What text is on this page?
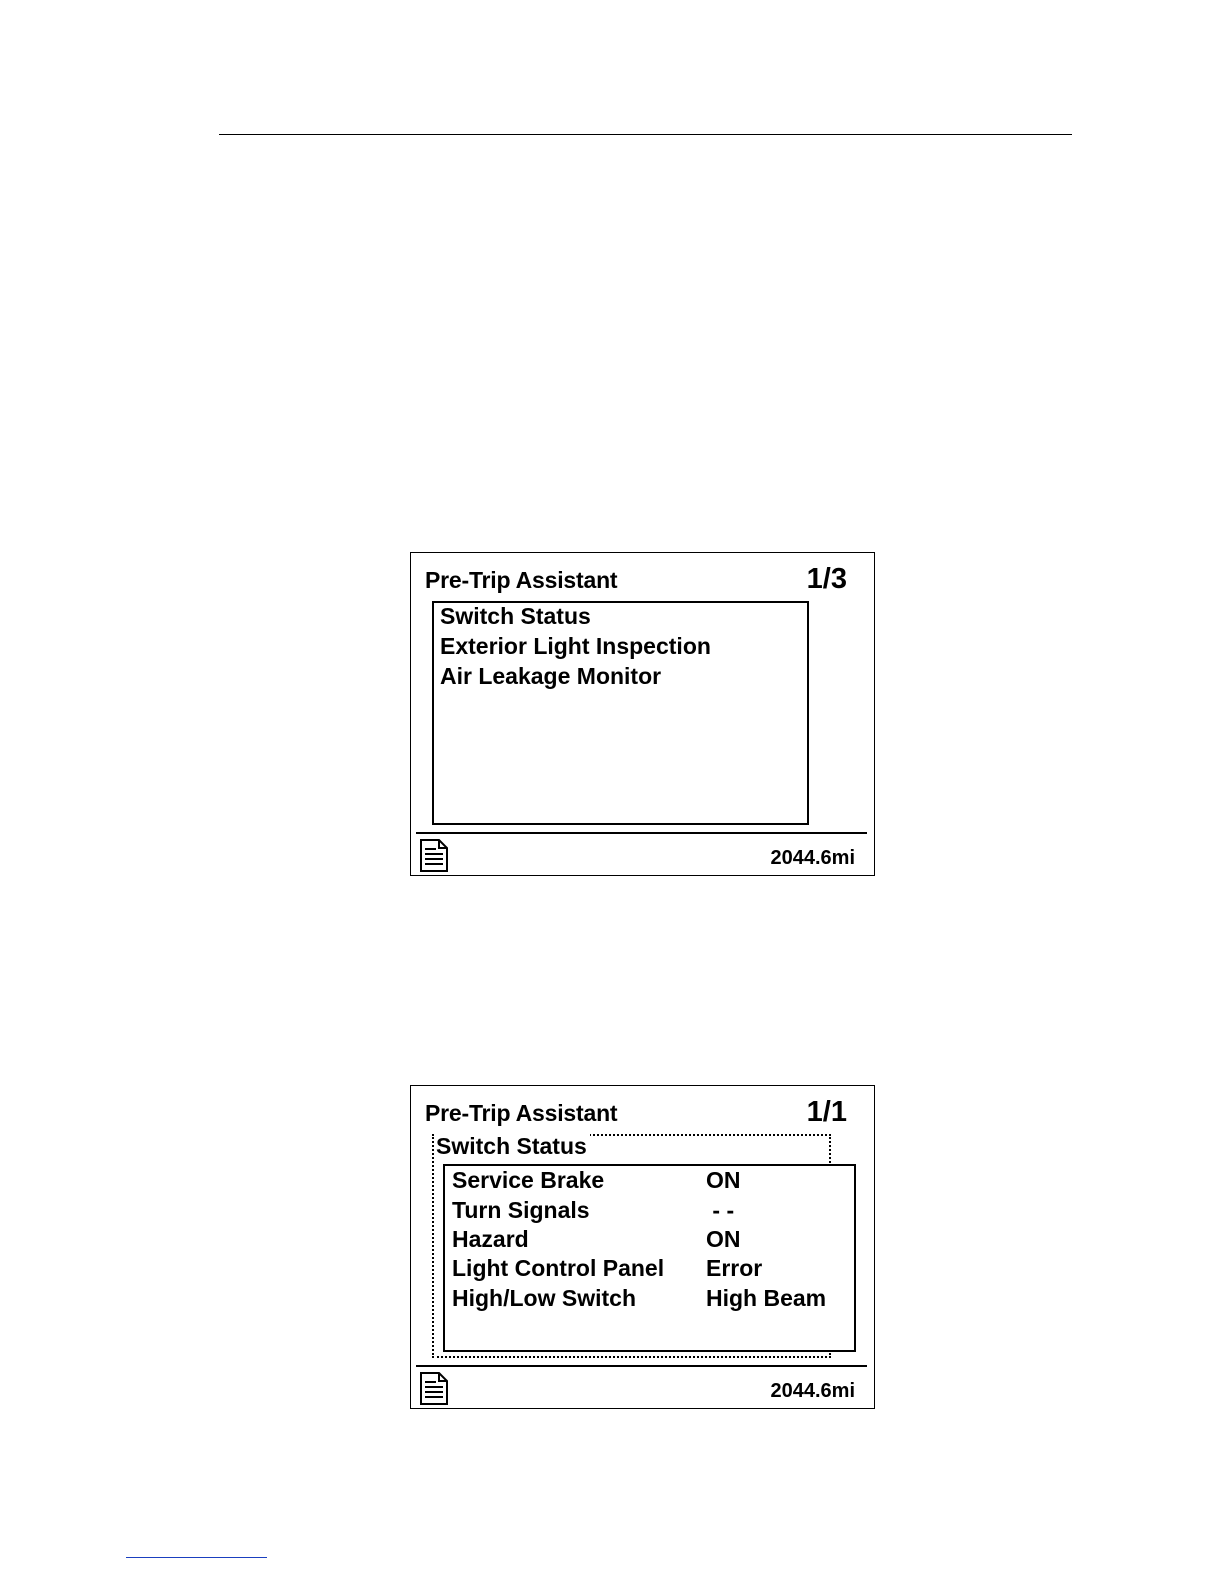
Pre-Trip Assistant	1/3
Switch Status
Exterior Light Inspection
Air Leakage Monitor
2044.6mi
Pre-Trip Assistant	1/1
Switch Status
Service Brake	ON
Turn Signals	- -
Hazard	ON
Light Control Panel Error
High/Low Switch	High Beam
2044.6mi
